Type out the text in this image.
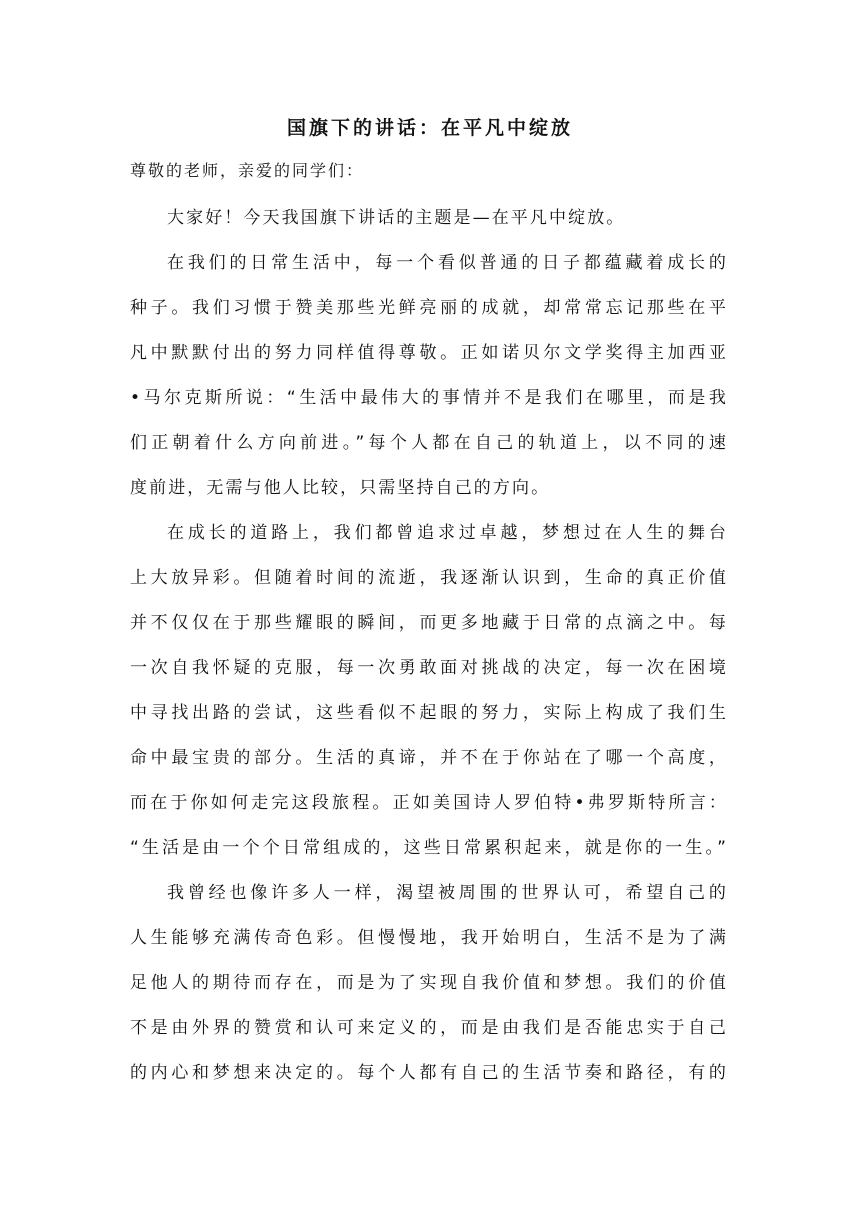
国旗下的讲话：在平凡中绽放
尊敬的老师，亲爱的同学们：
大家好！今天我国旗下讲话的主题是—在平凡中绽放。
在我们的日常生活中，每一个看似普通的日子都蕴藏着成长的
种子。我们习惯于赞美那些光鲜亮丽的成就，却常常忘记那些在平
凡中默默付出的努力同样值得尊敬。正如诺贝尔文学奖得主加西亚
•马尔克斯所说：“生活中最伟大的事情并不是我们在哪里，而是我
们正朝着什么方向前进。”每个人都在自己的轨道上，以不同的速
度前进，无需与他人比较，只需坚持自己的方向。
在成长的道路上，我们都曾追求过卓越，梦想过在人生的舞台
上大放异彩。但随着时间的流逝，我逐渐认识到，生命的真正价值
并不仅仅在于那些耀眼的瞬间，而更多地藏于日常的点滴之中。每
一次自我怀疑的克服，每一次勇敢面对挑战的决定，每一次在困境
中寻找出路的尝试，这些看似不起眼的努力，实际上构成了我们生
命中最宝贵的部分。生活的真谛，并不在于你站在了哪一个高度，
而在于你如何走完这段旅程。正如美国诗人罗伯特•弗罗斯特所言：
“生活是由一个个日常组成的，这些日常累积起来，就是你的一生。”
我曾经也像许多人一样，渴望被周围的世界认可，希望自己的
人生能够充满传奇色彩。但慢慢地，我开始明白，生活不是为了满
足他人的期待而存在，而是为了实现自我价值和梦想。我们的价值
不是由外界的赞赏和认可来定义的，而是由我们是否能忠实于自己
的内心和梦想来决定的。每个人都有自己的生活节奏和路径，有的
